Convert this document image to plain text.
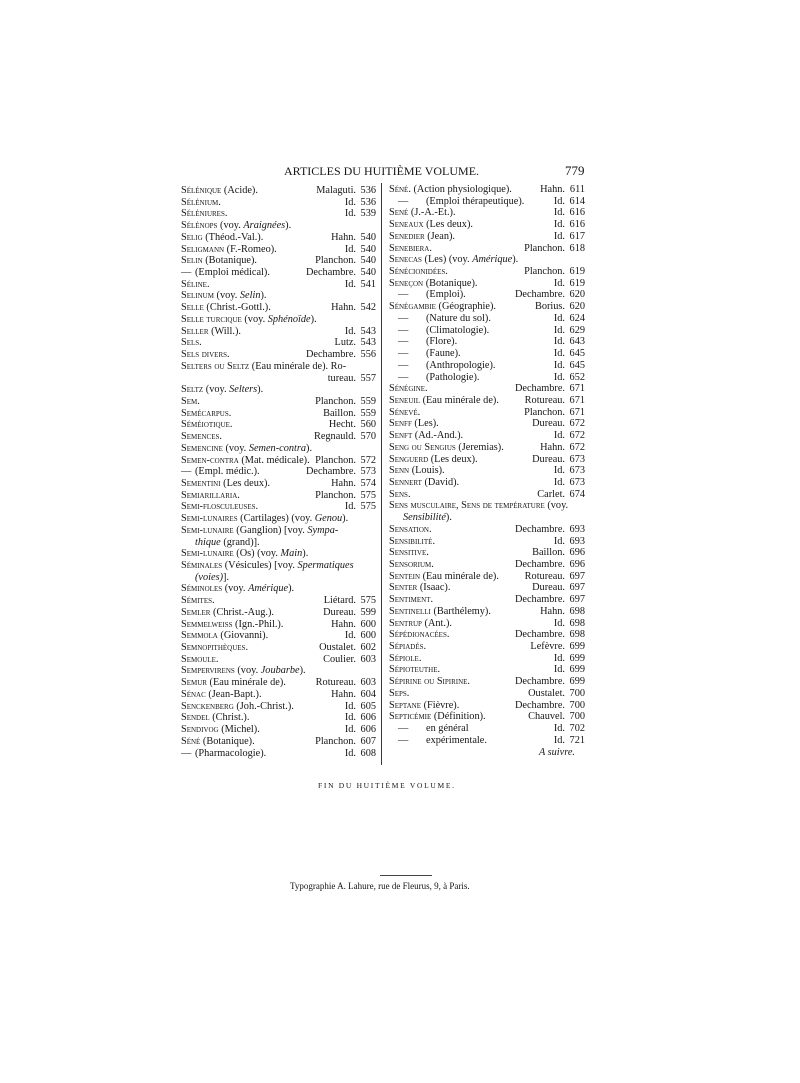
ARTICLES DU HUITIÈME VOLUME.	779
Sélénique (Acide).	Malaguti. 536
Sélénium.	Id. 536
Séléniures.	Id. 539
Sélénops (voy. Araignées).
Selig (Théod.-Val.).	Hahn. 540
Seligmann (F.-Romeo).	Id. 540
Selin (Botanique).	Planchon. 540
— (Emploi médical).	Dechambre. 540
Séline.	Id. 541
Selinum (voy. Selin).
Selle (Christ.-Gottl.).	Hahn. 542
Selle turcique (voy. Sphénoïde).
Seller (Will.).	Id. 543
Sels.	Lutz. 543
Sels divers.	Dechambre. 556
Selters ou Seltz (Eau minérale de). Ro-
tureau. 557
Seltz (voy. Selters).
Sem.	Planchon. 559
Semécarpus.	Baillon. 559
Séméiotique.	Hecht. 560
Semences.	Regnauld. 570
Semencine (voy. Semen-contra).
Semen-contra (Mat. médicale). Planchon. 572
— (Empl. médic.).	Dechambre. 573
Sementini (Les deux).	Hahn. 574
Semiarillaria.	Planchon. 575
Semi-flosculeuses.	Id. 575
Semi-lunaires (Cartilages) (voy. Genou).
Semi-lunaire (Ganglion) [voy. Sympa-
thique (grand)].
Semi-lunaire (Os) (voy. Main).
Séminales (Vésicules) [voy. Spermatiques
(voies)].
Séminoles (voy. Amérique).
Sémites.	Liétard. 575
Semler (Christ.-Aug.).	Dureau. 599
Semmelweiss (Ign.-Phil.).	Hahn. 600
Semmola (Giovanni).	Id. 600
Semnopithèques.	Oustalet. 602
Semoule.	Coulier. 603
Sempervirens (voy. Joubarbe).
Semur (Eau minérale de).	Rotureau. 603
Sénac (Jean-Bapt.).	Hahn. 604
Senckenberg (Joh.-Christ.).	Id. 605
Sendel (Christ.).	Id. 606
Sendivog (Michel).	Id. 606
Séné (Botanique).	Planchon. 607
— (Pharmacologie).	Id. 608
Séné. (Action physiologique).	Hahn. 611
— (Emploi thérapeutique).	Id. 614
Sené (J.-A.-Et.).	Id. 616
Seneaux (Les deux).	Id. 616
Senedier (Jean).	Id. 617
Senebiera.	Planchon. 618
Senecas (Les) (voy. Amérique).
Sénécionidées.	Planchon. 619
Seneçon (Botanique).	Id. 619
— (Emploi).	Dechambre. 620
Sénégambie (Géographie).	Borius. 620
— (Nature du sol).	Id. 624
— (Climatologie).	Id. 629
— (Flore).	Id. 643
— (Faune).	Id. 645
— (Anthropologie).	Id. 645
— (Pathologie).	Id. 652
Sénégine.	Dechambre. 671
Seneuil (Eau minérale de).	Rotureau. 671
Sénevé.	Planchon. 671
Senff (Les).	Dureau. 672
Senft (Ad.-And.).	Id. 672
Seng ou Sengius (Jeremias).	Hahn. 672
Senguerd (Les deux).	Dureau. 673
Senn (Louis).	Id. 673
Sennert (David).	Id. 673
Sens.	Carlet. 674
Sens musculaire, Sens de température (voy.
Sensibilité).
Sensation.	Dechambre. 693
Sensibilité.	Id. 693
Sensitive.	Baillon. 696
Sensorium.	Dechambre. 696
Sentein (Eau minérale de).	Rotureau. 697
Senter (Isaac).	Dureau. 697
Sentiment.	Dechambre. 697
Sentinelli (Barthélemy).	Hahn. 698
Sentrup (Ant.).	Id. 698
Sépédionacées.	Dechambre. 698
Sépiadés.	Lefèvre. 699
Sépiole.	Id. 699
Sépioteuthe.	Id. 699
Sépirine ou Sipirine.	Dechambre. 699
Seps.	Oustalet. 700
Septane (Fièvre).	Dechambre. 700
Septicémie (Définition).	Chauvel. 700
— en général	Id. 702
— expérimentale.	Id. 721
A suivre.
FIN DU HUITIÈME VOLUME.
Typographie A. Lahure, rue de Fleurus, 9, à Paris.
